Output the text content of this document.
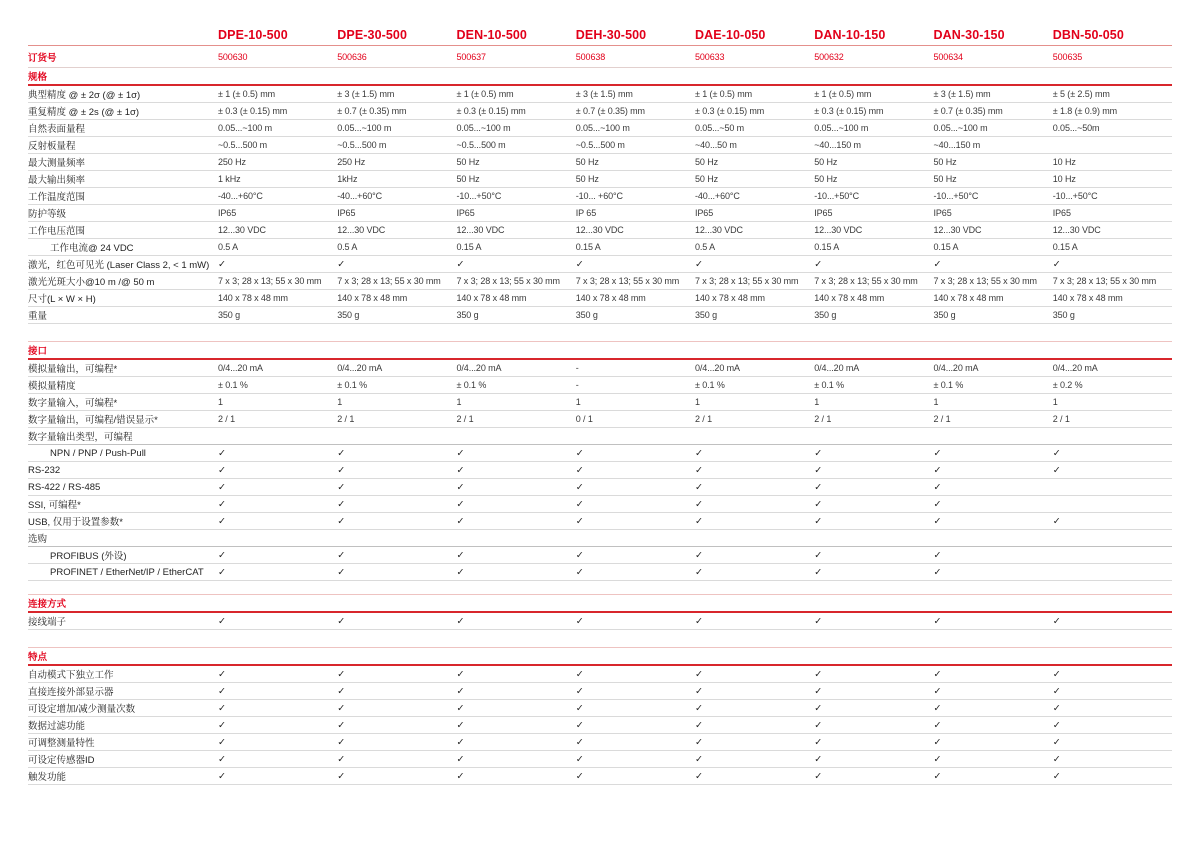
DPE-10-500	DPE-30-500	DEN-10-500	DEH-30-500	DAE-10-050	DAN-10-150	DAN-30-150	DBN-50-050
订货号	500630	500636	500637	500638	500633	500632	500634	500635
规格
典型精度 @ ± 2σ (@ ± 1σ)	± 1 (± 0.5) mm	± 3 (± 1.5) mm	± 1 (± 0.5) mm	± 3 (± 1.5) mm	± 1 (± 0.5) mm	± 1 (± 0.5) mm	± 3 (± 1.5) mm	± 5 (± 2.5) mm
重复精度 @ ± 2s (@ ± 1σ)	± 0.3 (± 0.15) mm	± 0.7 (± 0.35) mm	± 0.3 (± 0.15) mm	± 0.7 (± 0.35) mm	± 0.3 (± 0.15) mm	± 0.3 (± 0.15) mm	± 0.7 (± 0.35) mm	± 1.8 (± 0.9) mm
自然表面量程	0.05...~100 m	0.05...~100 m	0.05...~100 m	0.05...~100 m	0.05...~50 m	0.05...~100 m	0.05...~100 m	0.05...~50m
反射板量程	~0.5...500 m	~0.5...500 m	~0.5...500 m	~0.5...500 m	~40...50 m	~40...150 m	~40...150 m
最大测量频率	250 Hz	250 Hz	50 Hz	50 Hz	50 Hz	50 Hz	50 Hz	10 Hz
最大输出频率	1 kHz	1kHz	50 Hz	50 Hz	50 Hz	50 Hz	50 Hz	10 Hz
工作温度范围	-40...+60°C	-40...+60°C	-10...+50°C	-10... +60°C	-40...+60°C	-10...+50°C	-10...+50°C	-10...+50°C
防护等级	IP65	IP65	IP65	IP 65	IP65	IP65	IP65	IP65
工作电压范围	12...30 VDC	12...30 VDC	12...30 VDC	12...30 VDC	12...30 VDC	12...30 VDC	12...30 VDC	12...30 VDC
工作电流@ 24 VDC	0.5 A	0.5 A	0.15 A	0.15 A	0.5 A	0.15 A	0.15 A	0.15 A
激光，红色可见光 (Laser Class 2, < 1 mW) ✓	✓	✓	✓	✓	✓	✓	✓
激光光斑大小@10 m /@ 50 m	7 x 3; 28 x 13; 55 x 30 mm	7 x 3; 28 x 13; 55 x 30 mm	7 x 3; 28 x 13; 55 x 30 mm	7 x 3; 28 x 13; 55 x 30 mm	7 x 3; 28 x 13; 55 x 30 mm	7 x 3; 28 x 13; 55 x 30 mm	7 x 3; 28 x 13; 55 x 30 mm	7 x 3; 28 x 13; 55 x 30 mm
尺寸(L × W × H)	140 x 78 x 48 mm	140 x 78 x 48 mm	140 x 78 x 48 mm	140 x 78 x 48 mm	140 x 78 x 48 mm	140 x 78 x 48 mm	140 x 78 x 48 mm	140 x 78 x 48 mm
重量	350 g	350 g	350 g	350 g	350 g	350 g	350 g	350 g
接口
模拟量输出，可编程*	0/4...20 mA	0/4...20 mA	0/4...20 mA	-	0/4...20 mA	0/4...20 mA	0/4...20 mA	0/4...20 mA
模拟量精度	± 0.1 %	± 0.1 %	± 0.1 %	-	± 0.1 %	± 0.1 %	± 0.1 %	± 0.2 %
数字量输入，可编程*	1	1	1	1	1	1	1	1
数字量输出，可编程/错误显示*	2 / 1	2 / 1	2 / 1	0 / 1	2 / 1	2 / 1	2 / 1	2 / 1
数字量输出类型，可编程
NPN / PNP / Push-Pull	✓	✓	✓	✓	✓	✓	✓	✓
RS-232	✓	✓	✓	✓	✓	✓	✓	✓
RS-422 / RS-485	✓	✓	✓	✓	✓	✓	✓
SSI, 可编程*	✓	✓	✓	✓	✓	✓	✓
USB, 仅用于设置参数*	✓	✓	✓	✓	✓	✓	✓	✓
选购
PROFIBUS (外设)	✓	✓	✓	✓	✓	✓	✓
PROFINET / EtherNet/IP / EtherCAT	✓	✓	✓	✓	✓	✓	✓
连接方式
接线端子	✓	✓	✓	✓	✓	✓	✓	✓
特点
自动模式下独立工作	✓	✓	✓	✓	✓	✓	✓	✓
直接连接外部显示器	✓	✓	✓	✓	✓	✓	✓	✓
可设定增加/减少测量次数	✓	✓	✓	✓	✓	✓	✓	✓
数据过滤功能	✓	✓	✓	✓	✓	✓	✓	✓
可调整测量特性	✓	✓	✓	✓	✓	✓	✓	✓
可设定传感器ID	✓	✓	✓	✓	✓	✓	✓	✓
触发功能	✓	✓	✓	✓	✓	✓	✓	✓
